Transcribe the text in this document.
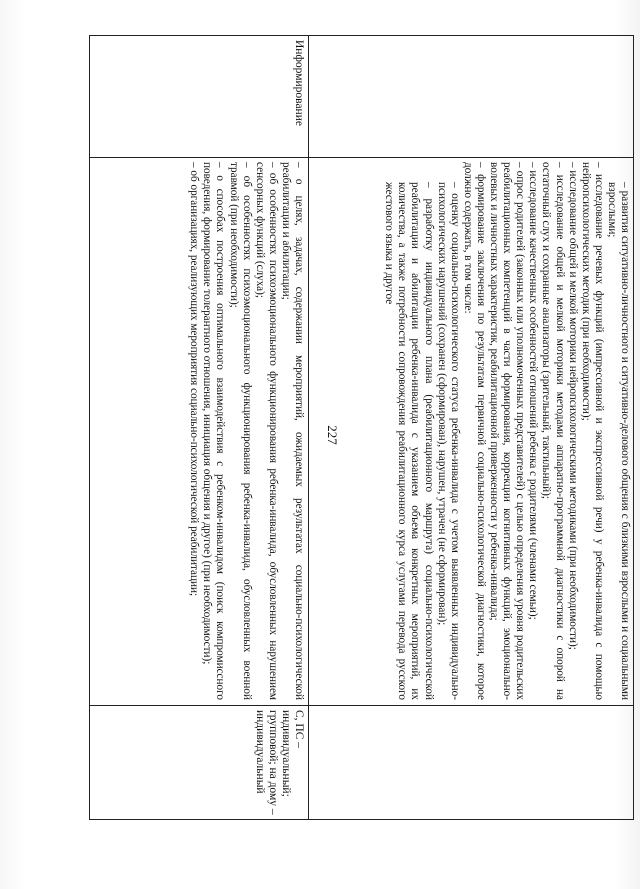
227	– развития ситуативно-личностного и ситуативно-делового общения с близкими взрослыми и социальными взрослыми;

– исследование речевых функций (импрессивной и экспрессивной речи) у ребенка-инвалида с помощью нейропсихологических методик (при необходимости);

– исследование общей и мелкой моторики нейропсихологическими методиками (при необходимости);

– исследование общей и мелкой моторики методами аппаратно-программной диагностики с опорой на остаточный слух и сохранные анализаторы (зрительный, тактильный);

– исследование качественных особенностей отношений ребенка с родителями (членами семьи);

– опрос родителей (законных или уполномоченных представителей) с целью определения уровня родительских реабилитационных компетенций в части формирования, коррекции когнитивных функций, эмоционально-волевых и личностных характеристик, реабилитационной приверженности у ребенка-инвалида;

– формирование заключения по результатам первичной социально-психологической диагностики, которое должно содержать, в том числе:

– оценку социально-психологического статуса ребенка-инвалида с учетом выявленных индивидуально-психологических нарушений (сохранен (сформирован), нарушен, утрачен (не сформирован);

– разработку индивидуального плана (реабилитационного маршрута) социально-психологической реабилитации и абилитации ребенка-инвалида с указанием объема конкретных мероприятий, их количества, а также потребности сопровождения реабилитационного курса услугами перевода русского жестового языка и другое

Информирование

– о целях, задачах, содержании мероприятий, ожидаемых результатах социально-психологической реабилитации и абилитации;

– об особенностях психоэмоционального функционирования ребенка-инвалида, обусловленных нарушением сенсорных функций (слуха);

– об особенностях психоэмоционального функционирования ребенка-инвалида, обусловленных военной травмой (при необходимости);

– о способах построения оптимального взаимодействия с ребенком-инвалидом (поиск компромиссного поведения, формирование толерантного отношения, инициация общения и другое) (при необходимости);

– об организациях, реализующих мероприятия социально-психологической реабилитации;

С, ПС – индивидуальный; групповой; на дому – индивидуальный
